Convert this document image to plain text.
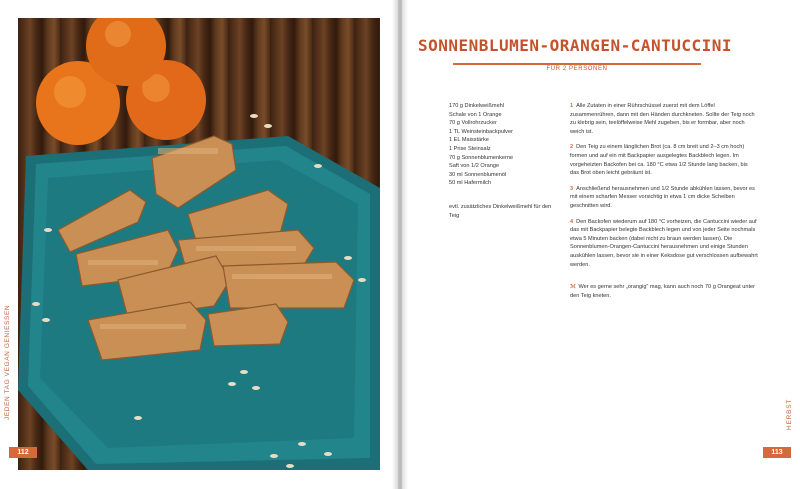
JEDEN TAG VEGAN GENIESSEN
112
SONNENBLUMEN-ORANGEN-CANTUCCINI
FÜR 2 PERSONEN
170 g Dinkelweißmehl
Schale von 1 Orange
70 g Vollrohrzucker
1 TL Weinsteinbackpulver
1 EL Maisstärke
1 Prise Steinsalz
70 g Sonnenblumenkerne
Saft von 1/2 Orange
30 ml Sonnenblumenöl
50 ml Hafermilch
evtl. zusätzliches Dinkelweißmehl für den Teig
1 Alle Zutaten in einer Rührschüssel zuerst mit dem Löffel zusammenrühren, dann mit den Händen durchkneten. Sollte der Teig noch zu klebrig sein, teelöffelweise Mehl zugeben, bis er formbar, aber noch weich ist.
2 Den Teig zu einem länglichen Brot (ca. 8 cm breit und 2–3 cm hoch) formen und auf ein mit Backpapier ausgelegtes Backblech legen. Im vorgeheizten Backofen bei ca. 180 °C etwa 1/2 Stunde lang backen, bis das Brot oben leicht gebräunt ist.
3 Anschließend herausnehmen und 1/2 Stunde abkühlen lassen, bevor es mit einem scharfen Messer vorsichtig in etwa 1 cm dicke Scheiben geschnitten wird.
4 Den Backofen wiederum auf 180 °C vorheizen, die Cantuccini wieder auf das mit Backpapier belegte Backblech legen und von jeder Seite nochmals etwa 5 Minuten backen (dabei nicht zu braun werden lassen). Die Sonnenblumen-Orangen-Cantuccini herausnehmen und einige Stunden auskühlen lassen, bevor sie in einer Keksdose gut verschlossen aufbewahrt werden.
ℳ Wer es gerne sehr „orangig“ mag, kann auch noch 70 g Orangeat unter den Teig kneten.
HERBST
113
